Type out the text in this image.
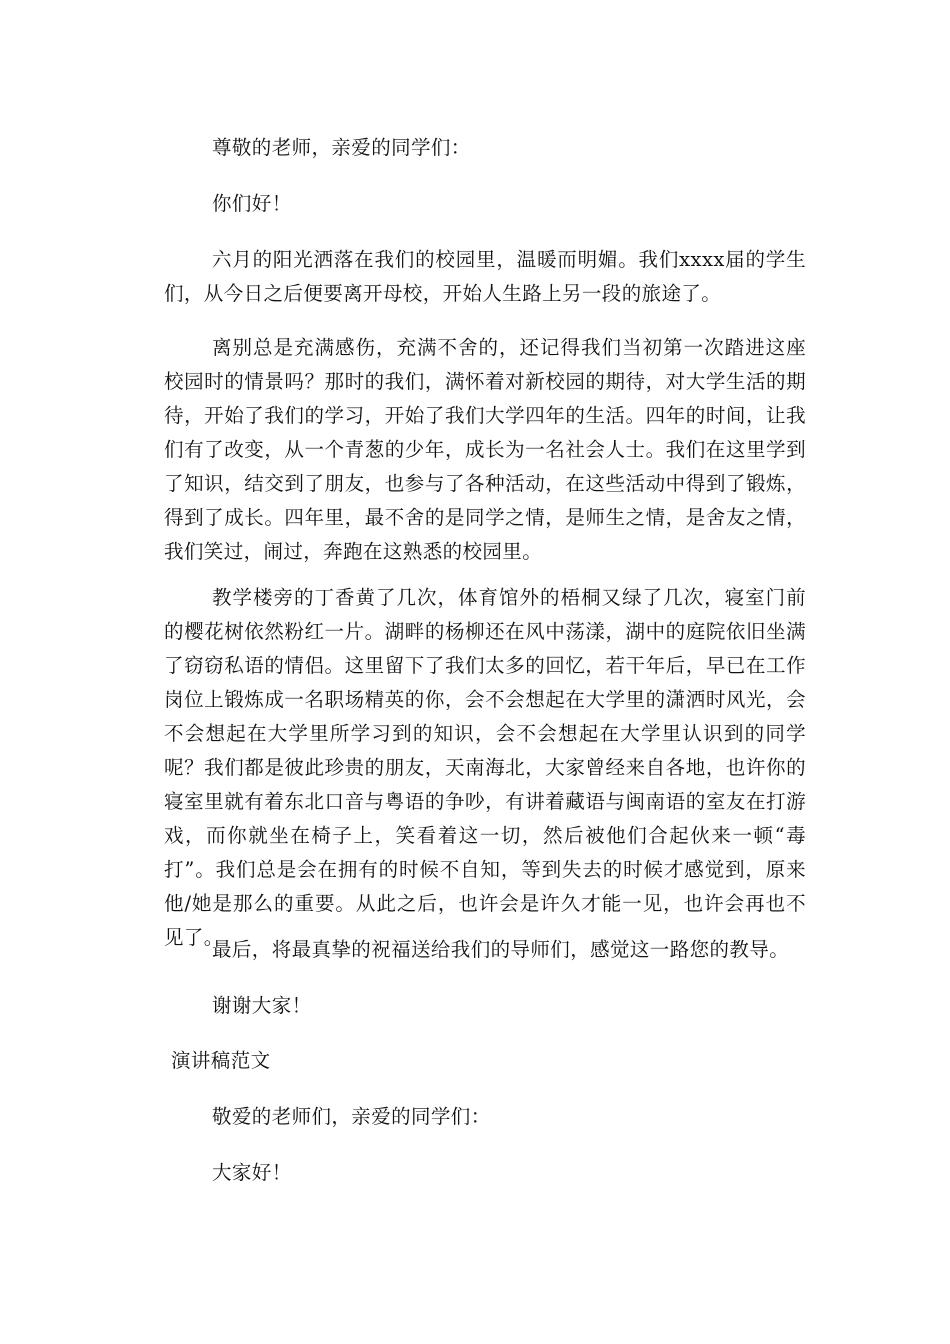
尊敬的老师，亲爱的同学们：

你们好！

六月的阳光洒落在我们的校园里，温暖而明媚。我们xxxx届的学生们，从今日之后便要离开母校，开始人生路上另一段的旅途了。

离别总是充满感伤，充满不舍的，还记得我们当初第一次踏进这座校园时的情景吗？那时的我们，满怀着对新校园的期待，对大学生活的期待，开始了我们的学习，开始了我们大学四年的生活。四年的时间，让我们有了改变，从一个青葱的少年，成长为一名社会人士。我们在这里学到了知识，结交到了朋友，也参与了各种活动，在这些活动中得到了锻炼，得到了成长。四年里，最不舍的是同学之情，是师生之情，是舍友之情，我们笑过，闹过，奔跑在这熟悉的校园里。

教学楼旁的丁香黄了几次，体育馆外的梧桐又绿了几次，寝室门前的樱花树依然粉红一片。湖畔的杨柳还在风中荡漾，湖中的庭院依旧坐满了窃窃私语的情侣。这里留下了我们太多的回忆，若干年后，早已在工作岗位上锻炼成一名职场精英的你，会不会想起在大学里的潇洒时风光，会不会想起在大学里所学习到的知识，会不会想起在大学里认识到的同学呢？我们都是彼此珍贵的朋友，天南海北，大家曾经来自各地，也许你的寝室里就有着东北口音与粤语的争吵，有讲着藏语与闽南语的室友在打游戏，而你就坐在椅子上，笑看着这一切，然后被他们合起伙来一顿“毒打”。我们总是会在拥有的时候不自知，等到失去的时候才感觉到，原来他/她是那么的重要。从此之后，也许会是许久才能一见，也许会再也不见了。

最后，将最真挚的祝福送给我们的导师们，感觉这一路您的教导。

谢谢大家！

演讲稿范文

敬爱的老师们，亲爱的同学们：

大家好！
